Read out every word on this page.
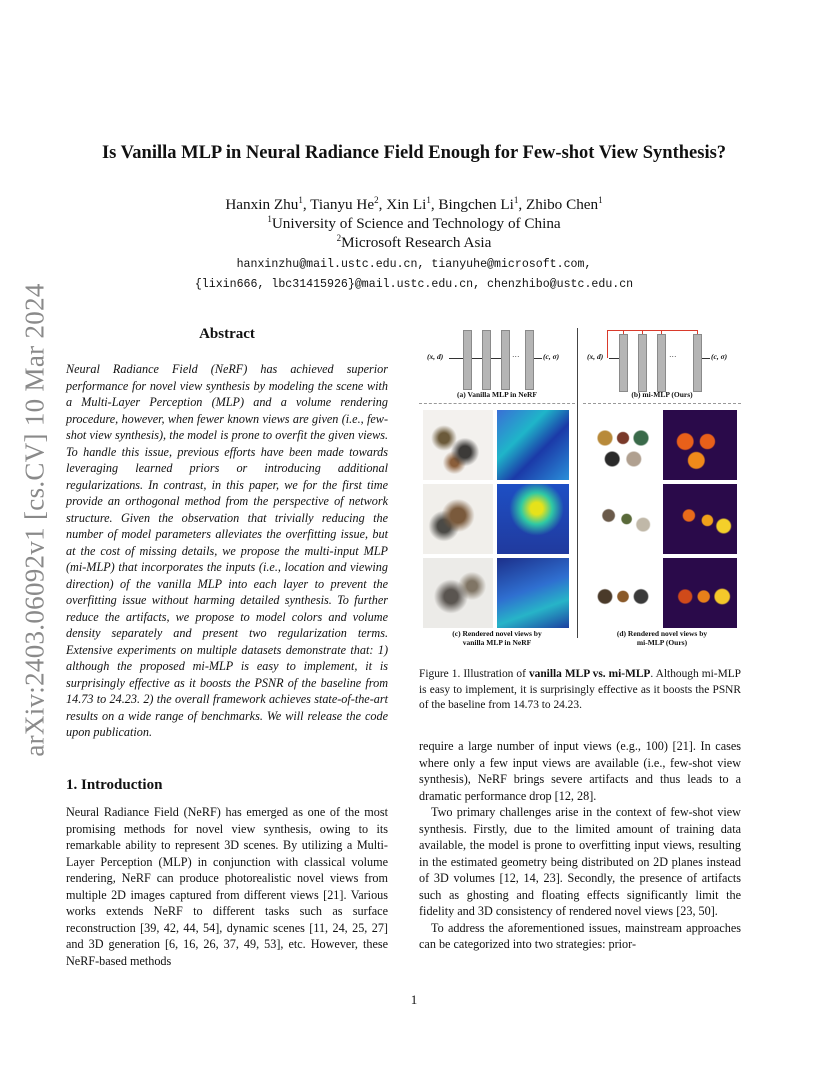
arXiv:2403.06092v1 [cs.CV] 10 Mar 2024
Is Vanilla MLP in Neural Radiance Field Enough for Few-shot View Synthesis?
Hanxin Zhu$^1$, Tianyu He$^2$, Xin Li$^1$, Bingchen Li$^1$, Zhibo Chen$^1$
$^1$University of Science and Technology of China
$^2$Microsoft Research Asia
hanxinzhu@mail.ustc.edu.cn, tianyuhe@microsoft.com,
{lixin666, lbc31415926}@mail.ustc.edu.cn, chenzhibo@ustc.edu.cn
Abstract
Neural Radiance Field (NeRF) has achieved superior performance for novel view synthesis by modeling the scene with a Multi-Layer Perception (MLP) and a volume rendering procedure, however, when fewer known views are given (i.e., few-shot view synthesis), the model is prone to overfit the given views. To handle this issue, previous efforts have been made towards leveraging learned priors or introducing additional regularizations. In contrast, in this paper, we for the first time provide an orthogonal method from the perspective of network structure. Given the observation that trivially reducing the number of model parameters alleviates the overfitting issue, but at the cost of missing details, we propose the multi-input MLP (mi-MLP) that incorporates the inputs (i.e., location and viewing direction) of the vanilla MLP into each layer to prevent the overfitting issue without harming detailed synthesis. To further reduce the artifacts, we propose to model colors and volume density separately and present two regularization terms. Extensive experiments on multiple datasets demonstrate that: 1) although the proposed mi-MLP is easy to implement, it is surprisingly effective as it boosts the PSNR of the baseline from 14.73 to 24.23. 2) the overall framework achieves state-of-the-art results on a wide range of benchmarks. We will release the code upon publication.
1. Introduction

Neural Radiance Field (NeRF) has emerged as one of the most promising methods for novel view synthesis, owing to its remarkable ability to represent 3D scenes. By utilizing a Multi-Layer Perception (MLP) in conjunction with classical volume rendering, NeRF can produce photorealistic novel views from multiple 2D images captured from different views [21]. Various works extends NeRF to different tasks such as surface reconstruction [39, 42, 44, 54], dynamic scenes [11, 24, 25, 27] and 3D generation [6, 16, 26, 37, 49, 53], etc. However, these NeRF-based methods

(x, d)	···	(c, σ)
(a) Vanilla MLP in NeRF
(x, d)	···	(c, σ)
(b) mi-MLP (Ours)
(c) Rendered novel views by
vanilla MLP in NeRF
(d) Rendered novel views by
mi-MLP (Ours)
Figure 1. Illustration of vanilla MLP vs. mi-MLP. Although mi-MLP is easy to implement, it is surprisingly effective as it boosts the PSNR of the baseline from 14.73 to 24.23.

require a large number of input views (e.g., 100) [21]. In cases where only a few input views are available (i.e., few-shot view synthesis), NeRF brings severe artifacts and thus leads to a dramatic performance drop [12, 28].

Two primary challenges arise in the context of few-shot view synthesis. Firstly, due to the limited amount of training data available, the model is prone to overfitting input views, resulting in the estimated geometry being distributed on 2D planes instead of 3D volumes [12, 14, 23]. Secondly, the presence of artifacts such as ghosting and floating effects significantly limit the fidelity and 3D consistency of rendered novel views [23, 50].

To address the aforementioned issues, mainstream approaches can be categorized into two strategies: prior-

1
